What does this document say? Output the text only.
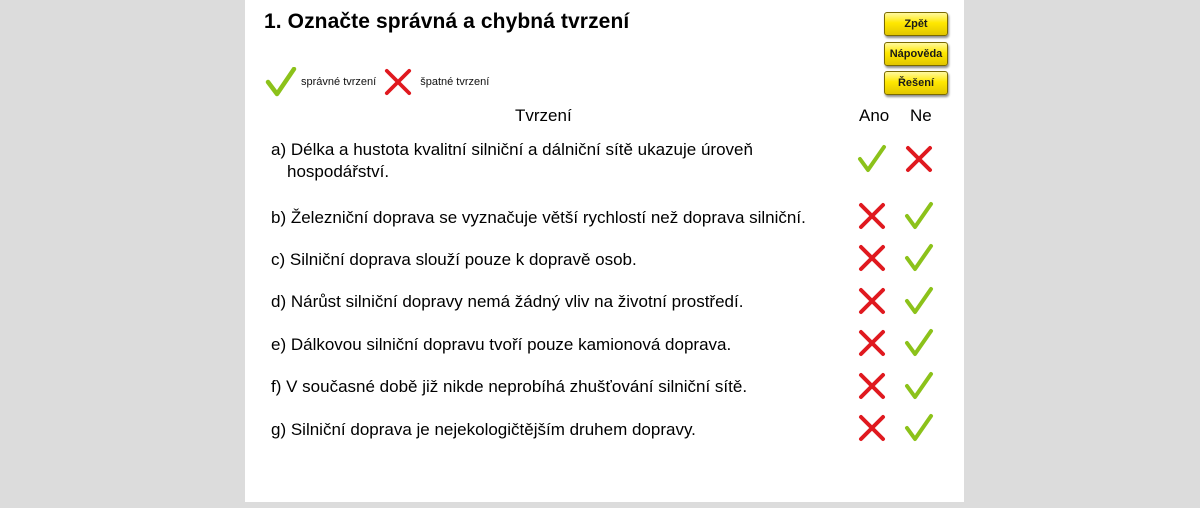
1. Označte správná a chybná tvrzení	Zpět
Nápověda
Řešení
správné tvrzení	špatné tvrzení
Tvrzení	Ano Ne
a) Délka a hustota kvalitní silniční a dálniční sítě ukazuje úroveň
hospodářství.
b) Železniční doprava se vyznačuje větší rychlostí než doprava silniční.
c) Silniční doprava slouží pouze k dopravě osob.
d) Nárůst silniční dopravy nemá žádný vliv na životní prostředí.
e) Dálkovou silniční dopravu tvoří pouze kamionová doprava.
f) V současné době již nikde neprobíhá zhušťování silniční sítě.
g) Silniční doprava je nejekologičtějším druhem dopravy.
